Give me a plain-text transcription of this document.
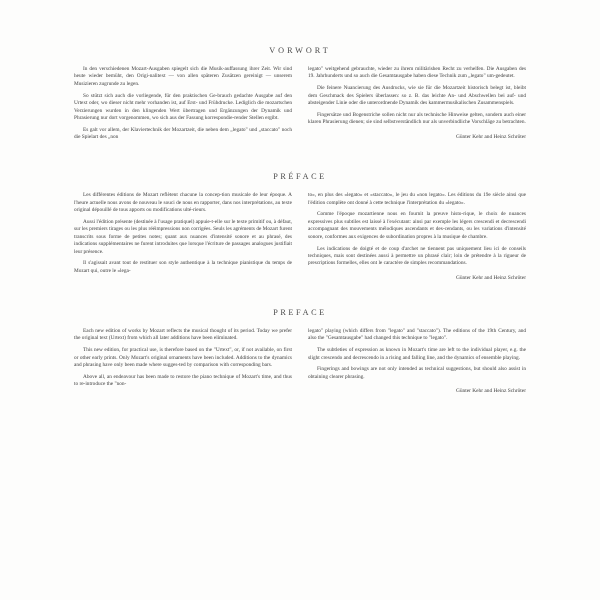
VORWORT

In den verschiedenen Mozart-Ausgaben spiegelt sich die Musik-auffassung ihrer Zeit. Wir sind heute wieder bemüht, den Origi-nalitext — von allen späteren Zusätzen gereinigt — unserem Musizieren zugrunde zu legen.

So stützt sich auch die vorliegende, für den praktischen Ge-brauch gedachte Ausgabe auf den Urtext oder, wo dieser nicht mehr vorhanden ist, auf Erst- und Frühdrucke. Lediglich die mozartschen Verzierungen wurden in den klingenden Wert übertragen und Ergänzungen der Dynamik und Phrasierung nur dort vorgenommen, wo sich aus der Fassung korrespondie-render Stellen ergibt.

Es galt vor allem, der Klaviertechnik der Mozartzeit, die neben dem „legato" und „staccato" noch die Spielart des „non

legato" weitgehend gebrauchte, wieder zu ihrem militärishen Recht zu verhelfen. Die Ausgaben des 19. Jahrhunderts und so auch die Gesamtausgabe haben diese Technik zum „legato" um-gedeutet.

Die feinere Nuancierung des Ausdrucks, wie sie für die Mozartzeit historisch belegt ist, bleibt dem Geschmack des Spielers überlassen: so z. B. das leichte An- und Abschwellen bei auf- und absteigender Linie oder die unterordnende Dynamik des kammermusikalischen Zusammenspiels.

Fingersätze und Bogenstriche sollen nicht nur als technische Hinweise gelten, sondern auch einer klaren Phrasierung dienen; sie sind selbstverständlich nur als unverbindliche Vorschläge zu betrachten.

Günter Kehr and Heinz Schröter
PRÉFACE

Les différentes éditions de Mozart reflètent chacune la concep-tion musicale de leur époque. A l'heure actuelle nous avons de nouveau le souci de nous en rapporter, dans nos interprétations, au texte original dépouillé de tous apports ou modifications ulté-rieurs.

Aussi l'édition présente (destinée à l'usage pratiquel) appuie-t-elle sur le texte primitif ou, à défaut, sur les premiers tirages ou les plus rééimpressions non corrigées. Seuls les agréments de Mozart furent transcrits sous forme de petites notes; quant aux nuances d'intensité sonore et au phrasé, des indications supplémentaires ne furent introduites que lorsque l'écriture de passages analogues justifiait leur présence.

Il s'agissait avant tout de restituer son style authentique à la technique pianistique du temps de Mozart qui, outre le «lega-

to», en plus des «legato» et «staccato», le jeu du «non legato». Les éditions du 19e siècle ainsi que l'édition complète ont donné à cette technique l'interprétation du «legato».

Comme l'époque mozartienne nous en fournit la preuve histo-rique, le choix de nuances expressives plus subtiles est laissé à l'exécutant: ainsi par exemple les légers crescendi et decrescendi accompagnant des mouvements mélodiques ascendants et des-cendants, ou les variations d'intensité sonore, conformes aux exigences de subordination propres à la musique de chambre.

Les indications de doigté et de coup d'archet ne tiennent pas uniquement lieu ici de conseils techniques, mais sont destinées aussi à permettre un phrasé clair; loin de prétendre à la rigueur de prescriptions formelles, elles ont le caractère de simples recommandations.

Günter Kehr and Heinz Schröter
PREFACE

Each new edition of works by Mozart reflects the musical thought of its period. Today we prefer the original text (Urtext) from which all later additions have been eliminated.

This new edition, for practical use, is therefore based on the "Urtext", or, if not available, on first or other early prints. Only Mozart's original ornaments have been included. Additions to the dynamics and phrasing have only been made where sugges-ted by comparison with corresponding bars.

Above all, an endeavour has been made to restore the piano technique of Mozart's time, and thus to re-introduce the "non-

legato" playing (which differs from "legato" and "staccato"). The editions of the 19th Century, and also the "Gesamtausgabe" had changed this technique to "legato".

The subtleties of expression as known in Mozart's time are left to the individual player, e.g. the slight crescendo and decrescendo in a rising and falling line, and the dynamics of ensemble playing.

Fingerings and bowings are not only intended as technical suggestions, but should also assist in obtaining clearer phrasing.

Günter Kehr and Heinz Schröter
